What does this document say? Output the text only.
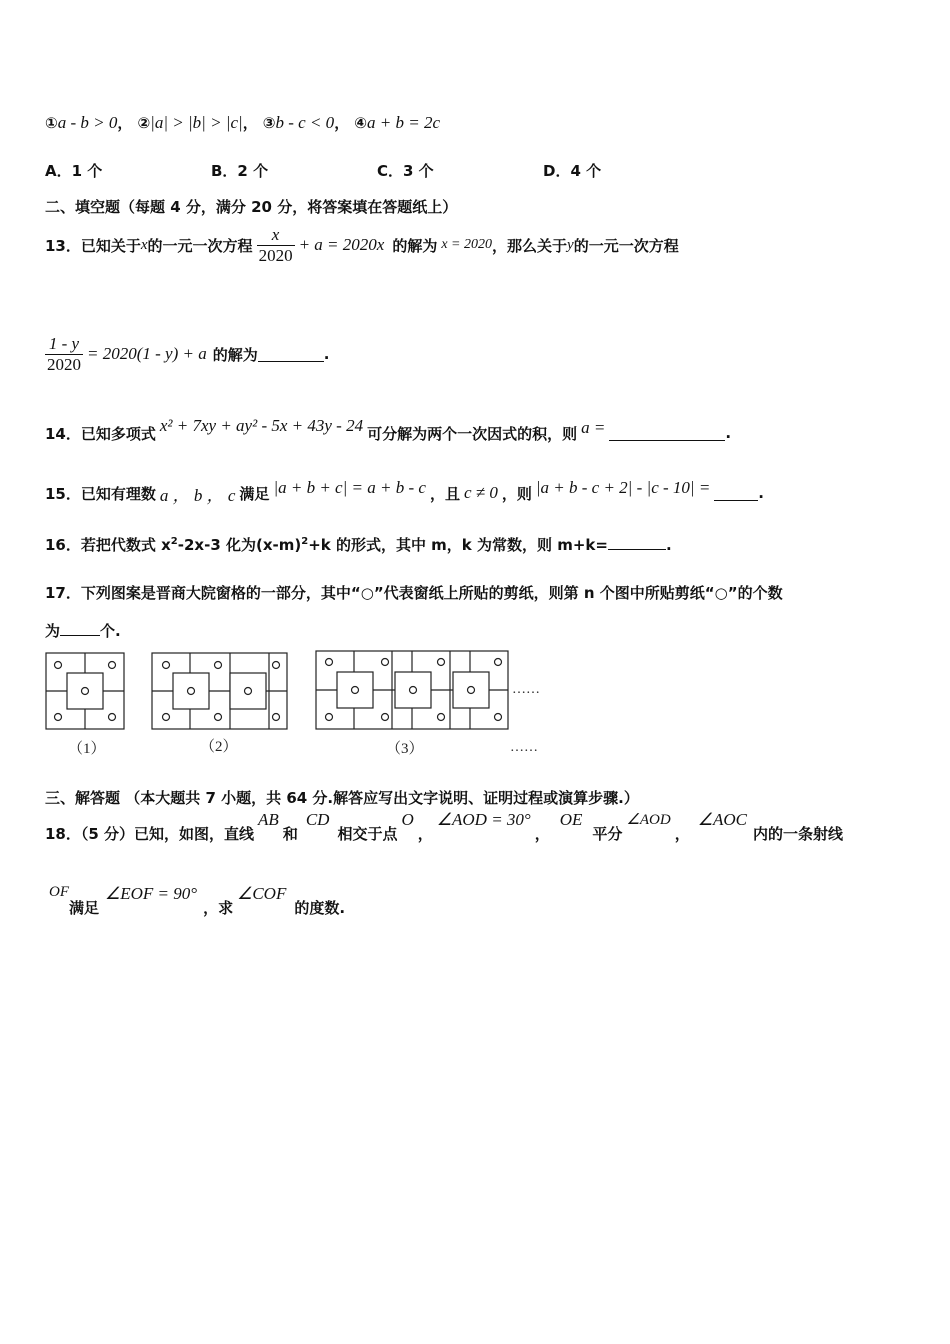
①a - b > 0， ②|a| > |b| > |c|， ③b - c < 0， ④a + b = 2c
A．1 个	B．2 个	C．3 个	D．4 个
二、填空题（每题 4 分，满分 20 分，将答案填在答题纸上）
13．已知关于 x 的一元一次方程 $\frac{x}{2020} + a = 2020x$ 的解为 x = 2020 ，那么关于 y 的一元一次方程
$\frac{1 - y}{2020} = 2020(1 - y) + a$ 的解为	.
14．已知多项式 x² + 7xy + ay² - 5x + 43y - 24 可分解为两个一次因式的积，则 a =	.
15．已知有理数 a ， b ， c 满足 |a + b + c| = a + b - c ，且 c ≠ 0 ，则 |a + b - c + 2| - |c - 10| =	.
16．若把代数式 $x^2-2x-3$ 化为$(x-m)^2+k$ 的形式，其中 m，k 为常数，则 m+k=	.
17．下列图案是晋商大院窗格的一部分，其中“○”代表窗纸上所贴的剪纸，则第 n 个图中所贴剪纸“○”的个数
为	个.
……
（1）	（2）	（3）	……
三、解答题 （本大题共 7 小题，共 64 分.解答应写出文字说明、证明过程或演算步骤.）
18．（5 分）已知，如图，直线
AB
和
CD
相交于点
O
，
∠AOD = 30°
，
OE
平分
∠AOD
，
∠AOC
内的一条射线
OF
满足
∠EOF = 90°
，求
∠COF
的度数.
